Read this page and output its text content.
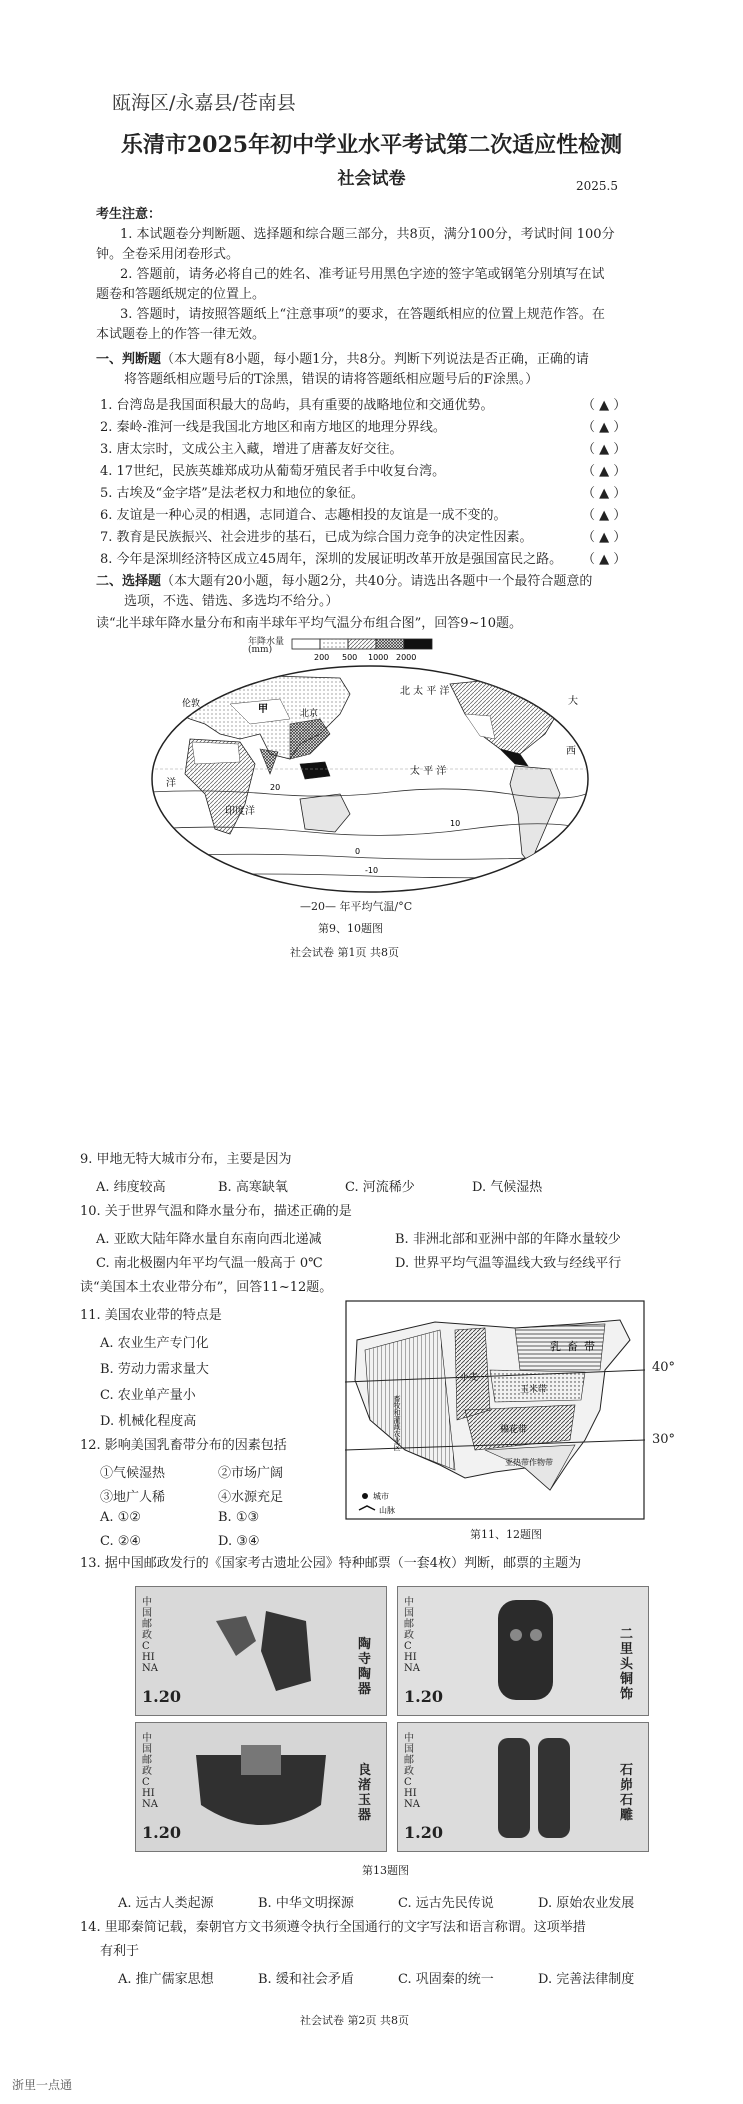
瓯海区/永嘉县/苍南县
乐清市2025年初中学业水平考试第二次适应性检测
社会试卷	2025.5
考生注意：
1. 本试题卷分判断题、选择题和综合题三部分，共8页，满分100分，考试时间 100分
钟。全卷采用闭卷形式。
2. 答题前，请务必将自己的姓名、准考证号用黑色字迹的签字笔或钢笔分别填写在试
题卷和答题纸规定的位置上。
3. 答题时，请按照答题纸上“注意事项”的要求，在答题纸相应的位置上规范作答。在
本试题卷上的作答一律无效。
一、判断题（本大题有8小题，每小题1分，共8分。判断下列说法是否正确，正确的请
将答题纸相应题号后的T涂黑，错误的请将答题纸相应题号后的F涂黑。）
1. 台湾岛是我国面积最大的岛屿，具有重要的战略地位和交通优势。	（ ▲ ）
2. 秦岭-淮河一线是我国北方地区和南方地区的地理分界线。	（ ▲ ）
3. 唐太宗时，文成公主入藏，增进了唐蕃友好交往。	（ ▲ ）
4. 17世纪，民族英雄郑成功从葡萄牙殖民者手中收复台湾。	（ ▲ ）
5. 古埃及“金字塔”是法老权力和地位的象征。	（ ▲ ）
6. 友谊是一种心灵的相遇，志同道合、志趣相投的友谊是一成不变的。	（ ▲ ）
7. 教育是民族振兴、社会进步的基石，已成为综合国力竞争的决定性因素。	（ ▲ ）
8. 今年是深圳经济特区成立45周年，深圳的发展证明改革开放是强国富民之路。	（ ▲ ）
二、选择题（本大题有20小题，每小题2分，共40分。请选出各题中一个最符合题意的
选项，不选、错选、多选均不给分。）
读“北半球年降水量分布和南半球年平均气温分布组合图”，回答9~10题。
年降水量
(mm)
200 500 1000 2000
北 太 平 洋
太 平 洋
印度洋
大
洋
西
伦敦	甲	北京
20
10
0
-10
—20— 年平均气温/°C
第9、10题图
社会试卷 第1页 共8页
9. 甲地无特大城市分布，主要是因为
A. 纬度较高	B. 高寒缺氧	C. 河流稀少	D. 气候湿热
10. 关于世界气温和降水量分布，描述正确的是
A. 亚欧大陆年降水量自东南向西北递减	B. 非洲北部和亚洲中部的年降水量较少
C. 南北极圈内年平均气温一般高于 0℃	D. 世界平均气温等温线大致与经线平行
读“美国本土农业带分布”，回答11~12题。
11. 美国农业带的特点是
A. 农业生产专门化
B. 劳动力需求量大
C. 农业单产量小
D. 机械化程度高
12. 影响美国乳畜带分布的因素包括
①气候湿热	②市场广阔
③地广人稀	④水源充足
A. ①②	B. ①③
C. ②④	D. ③④
乳 畜 带
小麦
玉米带
畜牧和灌溉农业区	棉花带
亚热带作物带
城市
山脉
40°
30°
第11、12题图
13. 据中国邮政发行的《国家考古遗址公园》特种邮票（一套4枚）判断，邮票的主题为
中国邮政 CHINA
1.20
陶寺陶器
中国邮政 CHINA
1.20
二里头铜饰
中国邮政 CHINA
1.20
良渚玉器
中国邮政 CHINA
1.20
石峁石雕
第13题图
A. 远古人类起源	B. 中华文明探源	C. 远古先民传说	D. 原始农业发展
14. 里耶秦简记载，秦朝官方文书须遵令执行全国通行的文字写法和语言称谓。这项举措
有利于
A. 推广儒家思想	B. 缓和社会矛盾	C. 巩固秦的统一	D. 完善法律制度
社会试卷 第2页 共8页
浙里一点通
